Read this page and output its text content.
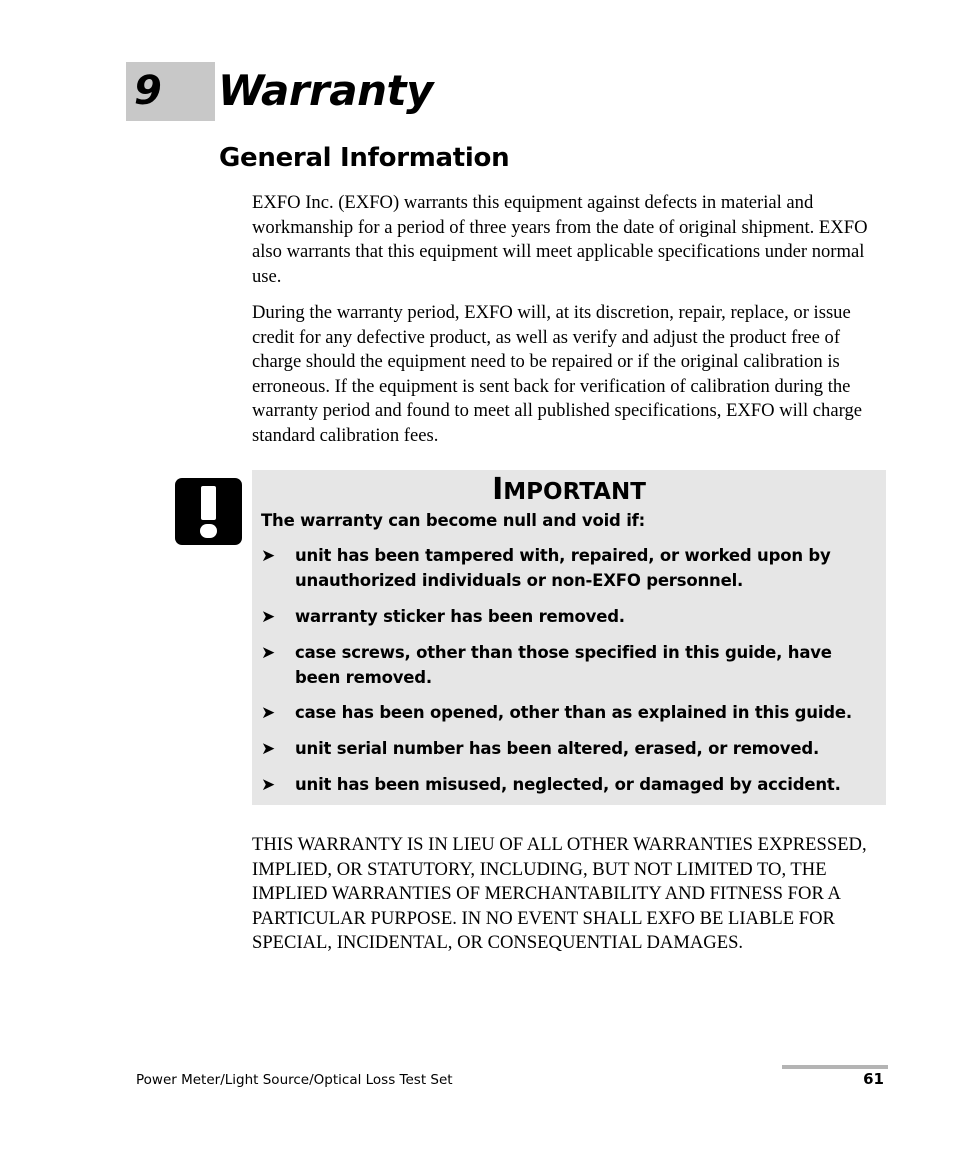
9 Warranty
General Information

EXFO Inc. (EXFO) warrants this equipment against defects in material and workmanship for a period of three years from the date of original shipment. EXFO also warrants that this equipment will meet applicable specifications under normal use.

During the warranty period, EXFO will, at its discretion, repair, replace, or issue credit for any defective product, as well as verify and adjust the product free of charge should the equipment need to be repaired or if the original calibration is erroneous. If the equipment is sent back for verification of calibration during the warranty period and found to meet all published specifications, EXFO will charge standard calibration fees.

IMPORTANT
The warranty can become null and void if:
➤ unit has been tampered with, repaired, or worked upon by unauthorized individuals or non-EXFO personnel.
➤ warranty sticker has been removed.
➤ case screws, other than those specified in this guide, have been removed.
➤ case has been opened, other than as explained in this guide.
➤ unit serial number has been altered, erased, or removed.
➤ unit has been misused, neglected, or damaged by accident.

THIS WARRANTY IS IN LIEU OF ALL OTHER WARRANTIES EXPRESSED, IMPLIED, OR STATUTORY, INCLUDING, BUT NOT LIMITED TO, THE IMPLIED WARRANTIES OF MERCHANTABILITY AND FITNESS FOR A PARTICULAR PURPOSE. IN NO EVENT SHALL EXFO BE LIABLE FOR SPECIAL, INCIDENTAL, OR CONSEQUENTIAL DAMAGES.

Power Meter/Light Source/Optical Loss Test Set	61
